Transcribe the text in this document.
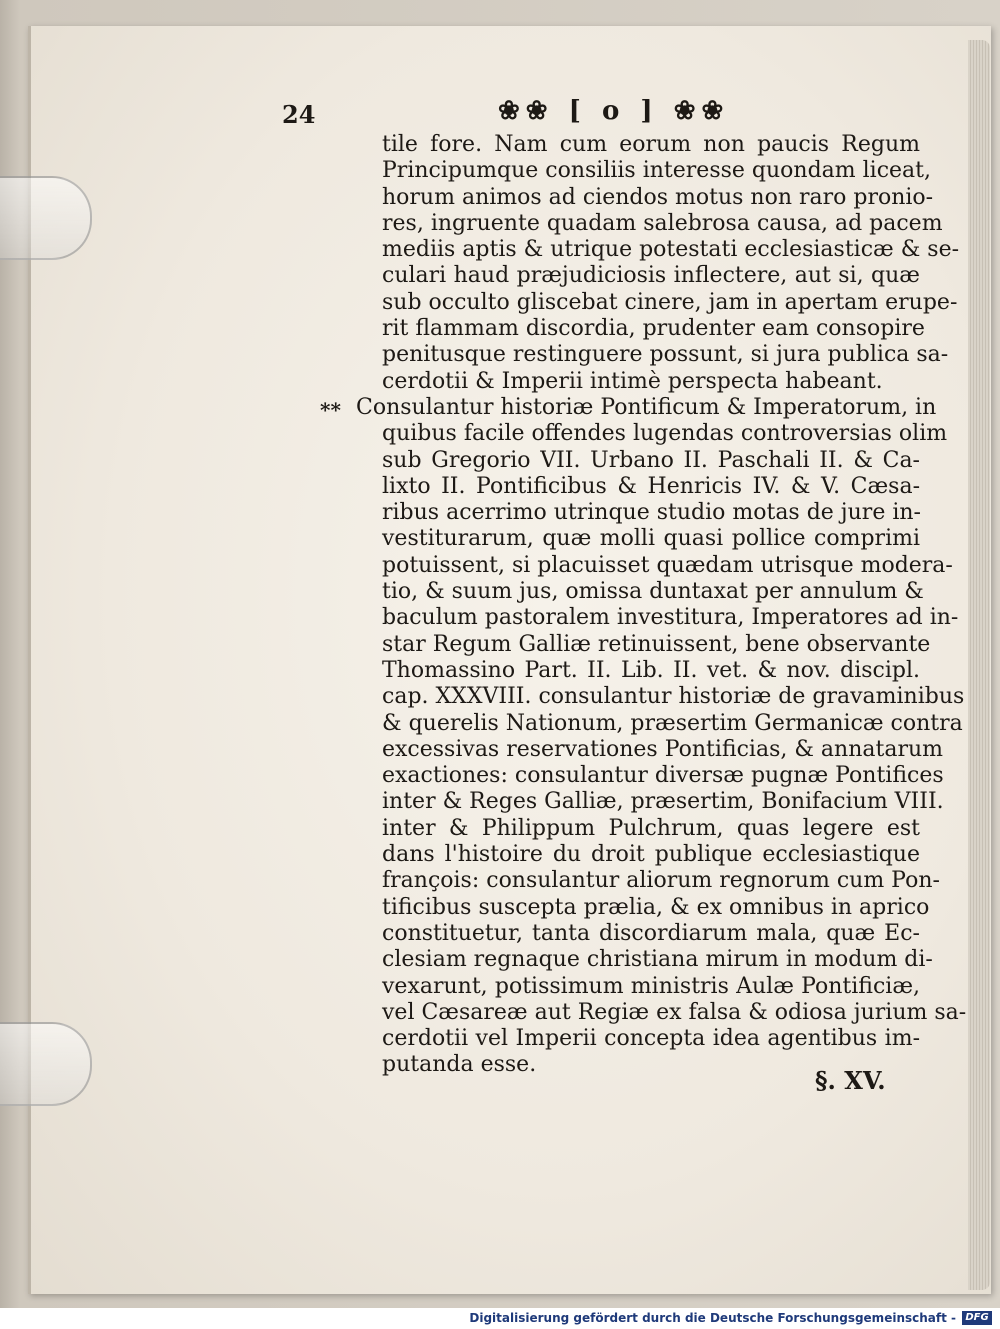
24	❀❀ [ o ] ❀❀
tile fore. Nam cum eorum non paucis Regum
Principumque consiliis interesse quondam liceat,
horum animos ad ciendos motus non raro pronio-
res, ingruente quadam salebrosa causa, ad pacem
mediis aptis & utrique potestati ecclesiasticæ & se-
culari haud præjudiciosis inflectere, aut si, quæ
sub occulto gliscebat cinere, jam in apertam erupe-
rit flammam discordia, prudenter eam consopire
penitusque restinguere possunt, si jura publica sa-
cerdotii & Imperii intimè perspecta habeant.
Consulantur historiæ Pontificum & Imperatorum, in
quibus facile offendes lugendas controversias olim
sub Gregorio VII. Urbano II. Paschali II. & Ca-
lixto II. Pontificibus & Henricis IV. & V. Cæsa-
ribus acerrimo utrinque studio motas de jure in-
vestiturarum, quæ molli quasi pollice comprimi
potuissent, si placuisset quædam utrisque modera-
tio, & suum jus, omissa duntaxat per annulum &
baculum pastoralem investitura, Imperatores ad in-
star Regum Galliæ retinuissent, bene observante
Thomassino Part. II. Lib. II. vet. & nov. discipl.
cap. XXXVIII. consulantur historiæ de gravaminibus
& querelis Nationum, præsertim Germanicæ contra
excessivas reservationes Pontificias, & annatarum
exactiones: consulantur diversæ pugnæ Pontifices
inter & Reges Galliæ, præsertim, Bonifacium VIII.
inter & Philippum Pulchrum, quas legere est
dans l'histoire du droit publique ecclesiastique
françois: consulantur aliorum regnorum cum Pon-
tificibus suscepta prælia, & ex omnibus in aprico
constituetur, tanta discordiarum mala, quæ Ec-
clesiam regnaque christiana mirum in modum di-
vexarunt, potissimum ministris Aulæ Pontificiæ,
vel Cæsareæ aut Regiæ ex falsa & odiosa jurium sa-
cerdotii vel Imperii concepta idea agentibus im-
putanda esse.
**
§. XV.
Digitalisierung gefördert durch die Deutsche Forschungsgemeinschaft - DFG
